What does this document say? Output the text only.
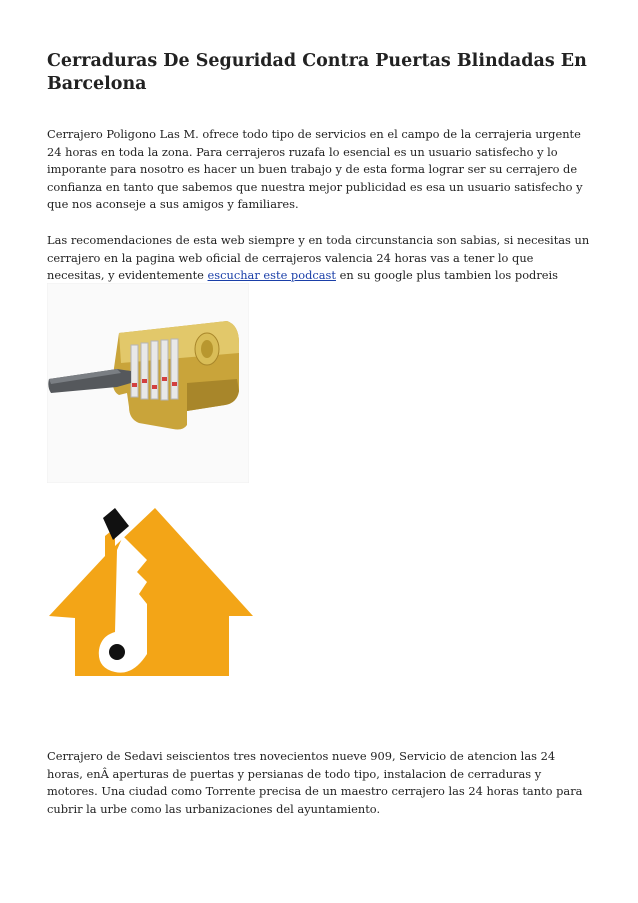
Cerraduras De Seguridad Contra Puertas Blindadas En Barcelona

Cerrajero Poligono Las M. ofrece todo tipo de servicios en el campo de la cerrajeria urgente 24 horas en toda la zona. Para cerrajeros ruzafa lo esencial es un usuario satisfecho y lo imporante para nosotro es hacer un buen trabajo y de esta forma lograr ser su cerrajero de confianza en tanto que sabemos que nuestra mejor publicidad es esa un usuario satisfecho y que nos aconseje a sus amigos y familiares.

Las recomendaciones de esta web siempre y en toda circunstancia son sabias, si necesitas un cerrajero en la pagina web oficial de cerrajeros valencia 24 horas vas a tener lo que necesitas, y evidentemente escuchar este podcast en su google plus tambien los podreis

Cerrajero de Sedavi seiscientos tres novecientos nueve 909, Servicio de atencion las 24 horas, enÂ aperturas de puertas y persianas de todo tipo, instalacion de cerraduras y motores. Una ciudad como Torrente precisa de un maestro cerrajero las 24 horas tanto para cubrir la urbe como las urbanizaciones del ayuntamiento.
